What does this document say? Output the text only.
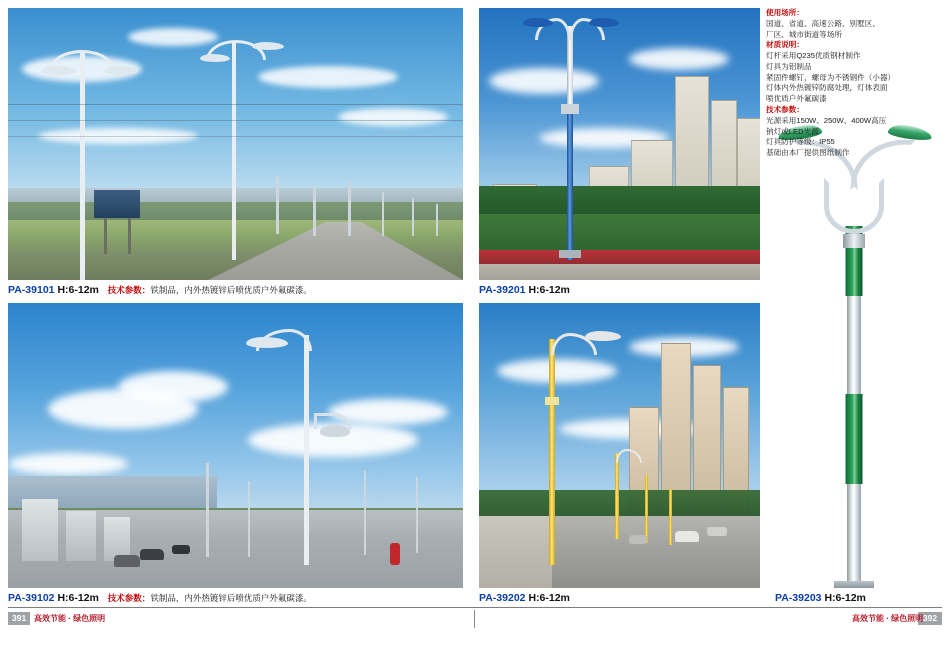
PA-39101 H:6-12m 技术参数：铁制品，内外热镀锌后喷优质户外氟碳漆。
PA-39102 H:6-12m 技术参数：铁制品，内外热镀锌后喷优质户外氟碳漆。
PA-39201 H:6-12m
PA-39202 H:6-12m	PA-39203 H:6-12m
使用场所：
国道、省道、高速公路、别墅区、
厂区、城市街道等场所
材质说明：
灯杆采用Q235优质钢材制作
灯具为铝制品
紧固件螺钉、螺母为不锈钢件（小器）
灯体内外热镀锌防腐处理，灯体表面
喷优质户外氟碳漆
技术参数：
光源采用150W、250W、400W高压
钠灯或LED光源
灯具防护等级：IP55
基础由本厂提供图纸制作
391 高效节能 · 绿色照明	392
高效节能 · 绿色照明
